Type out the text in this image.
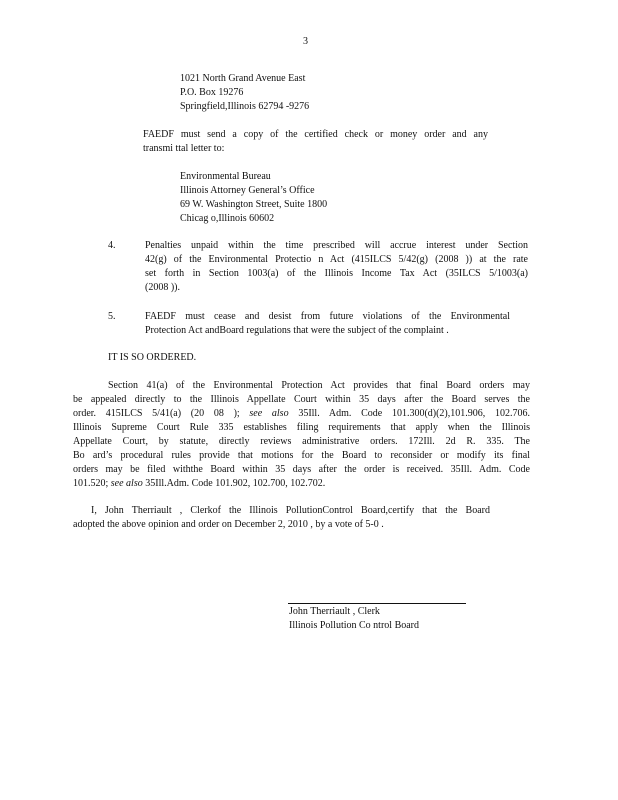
3
1021 North Grand Avenue East
P.O. Box 19276
Springfield,Illinois 62794 -9276
FAEDF must send a copy of the certified check or money order and any
transmi ttal letter to:
Environmental Bureau
Illinois Attorney General’s Office
69 W. Washington Street, Suite 1800
Chicag o,Illinois 60602
4.	Penalties unpaid within the time prescribed will accrue interest under Section
42(g) of the Environmental Protectio n Act (415ILCS 5/42(g) (2008 )) at the rate
set forth in Section 1003(a) of the Illinois Income Tax Act (35ILCS 5/1003(a)
(2008 )).
5.	FAEDF must cease and desist from future violations of the Environmental
Protection Act andBoard regulations that were the subject of the complaint .
IT IS SO ORDERED.
Section 41(a) of the Environmental Protection Act provides that final Board orders may
be appealed directly to the Illinois Appellate Court within 35 days after the Board serves the
order. 415ILCS 5/41(a) (20 08 ); see also 35Ill. Adm. Code 101.300(d)(2),101.906, 102.706.
Illinois Supreme Court Rule 335 establishes filing requirements that apply when the Illinois
Appellate Court, by statute, directly reviews administrative orders. 172Ill. 2d R. 335. The
Bo ard’s procedural rules provide that motions for the Board to reconsider or modify its final
orders may be filed withthe Board within 35 days after the order is received. 35Ill. Adm. Code
101.520; see also 35Ill.Adm. Code 101.902, 102.700, 102.702.
I, John Therriault , Clerkof the Illinois PollutionControl Board,certify that the Board
adopted the above opinion and order on December 2, 2010 , by a vote of 5-0 .
John Therriault , Clerk
Illinois Pollution Co ntrol Board
